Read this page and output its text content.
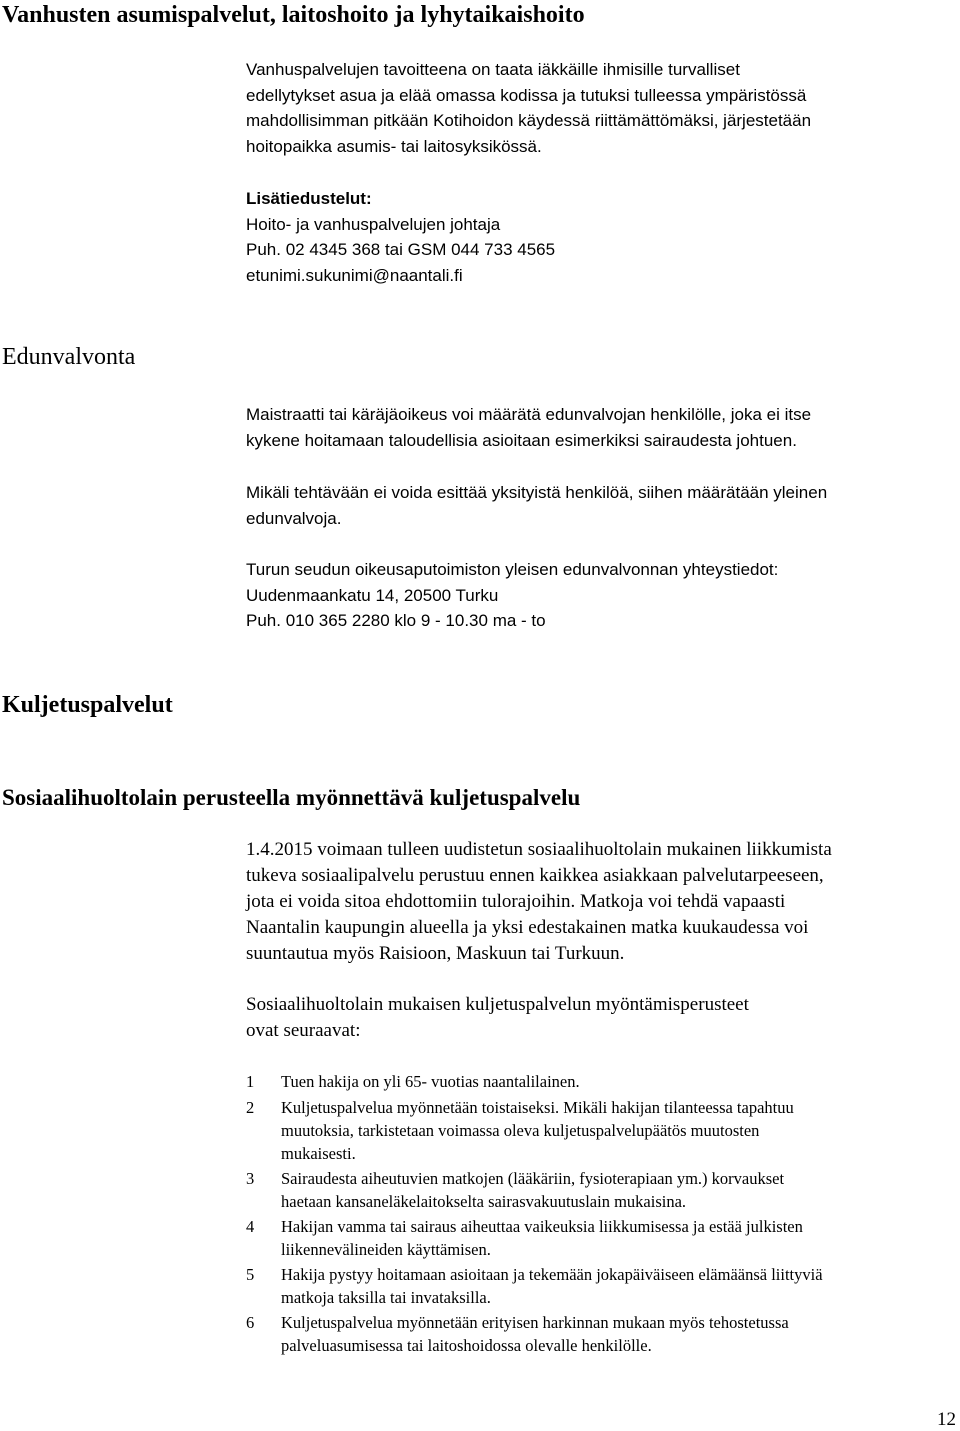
Vanhusten asumispalvelut, laitoshoito ja lyhytaikaishoito
Vanhuspalvelujen tavoitteena on taata iäkkäille ihmisille turvalliset
edellytykset asua ja elää omassa kodissa ja tutuksi tulleessa ympäristössä
mahdollisimman pitkään Kotihoidon käydessä riittämättömäksi, järjestetään
hoitopaikka asumis- tai laitosyksikössä.
Lisätiedustelut:
Hoito- ja vanhuspalvelujen johtaja
Puh. 02 4345 368 tai GSM 044 733 4565
etunimi.sukunimi@naantali.fi
Edunvalvonta
Maistraatti tai käräjäoikeus voi määrätä edunvalvojan henkilölle, joka ei itse
kykene hoitamaan taloudellisia asioitaan esimerkiksi sairaudesta johtuen.
Mikäli tehtävään ei voida esittää yksityistä henkilöä, siihen määrätään yleinen
edunvalvoja.
Turun seudun oikeusaputoimiston yleisen edunvalvonnan yhteystiedot:
Uudenmaankatu 14, 20500 Turku
Puh. 010 365 2280 klo 9 - 10.30 ma - to
Kuljetuspalvelut
Sosiaalihuoltolain perusteella myönnettävä kuljetuspalvelu
1.4.2015 voimaan tulleen uudistetun sosiaalihuoltolain mukainen liikkumista
tukeva sosiaalipalvelu perustuu ennen kaikkea asiakkaan palvelutarpeeseen,
jota ei voida sitoa ehdottomiin tulorajoihin. Matkoja voi tehdä vapaasti
Naantalin kaupungin alueella ja yksi edestakainen matka kuukaudessa voi
suuntautua myös Raisioon, Maskuun tai Turkuun.
Sosiaalihuoltolain mukaisen kuljetuspalvelun myöntämisperusteet
ovat seuraavat:
1 Tuen hakija on yli 65- vuotias naantalilainen.
2 Kuljetuspalvelua myönnetään toistaiseksi. Mikäli hakijan tilanteessa tapahtuu
muutoksia, tarkistetaan voimassa oleva kuljetuspalvelupäätös muutosten
mukaisesti.
3 Sairaudesta aiheutuvien matkojen (lääkäriin, fysioterapiaan ym.) korvaukset
haetaan kansaneläkelaitokselta sairasvakuutuslain mukaisina.
4 Hakijan vamma tai sairaus aiheuttaa vaikeuksia liikkumisessa ja estää julkisten
liikennevälineiden käyttämisen.
5 Hakija pystyy hoitamaan asioitaan ja tekemään jokapäiväiseen elämäänsä liittyviä
matkoja taksilla tai invataksilla.
6 Kuljetuspalvelua myönnetään erityisen harkinnan mukaan myös tehostetussa
palveluasumisessa tai laitoshoidossa olevalle henkilölle.

12
